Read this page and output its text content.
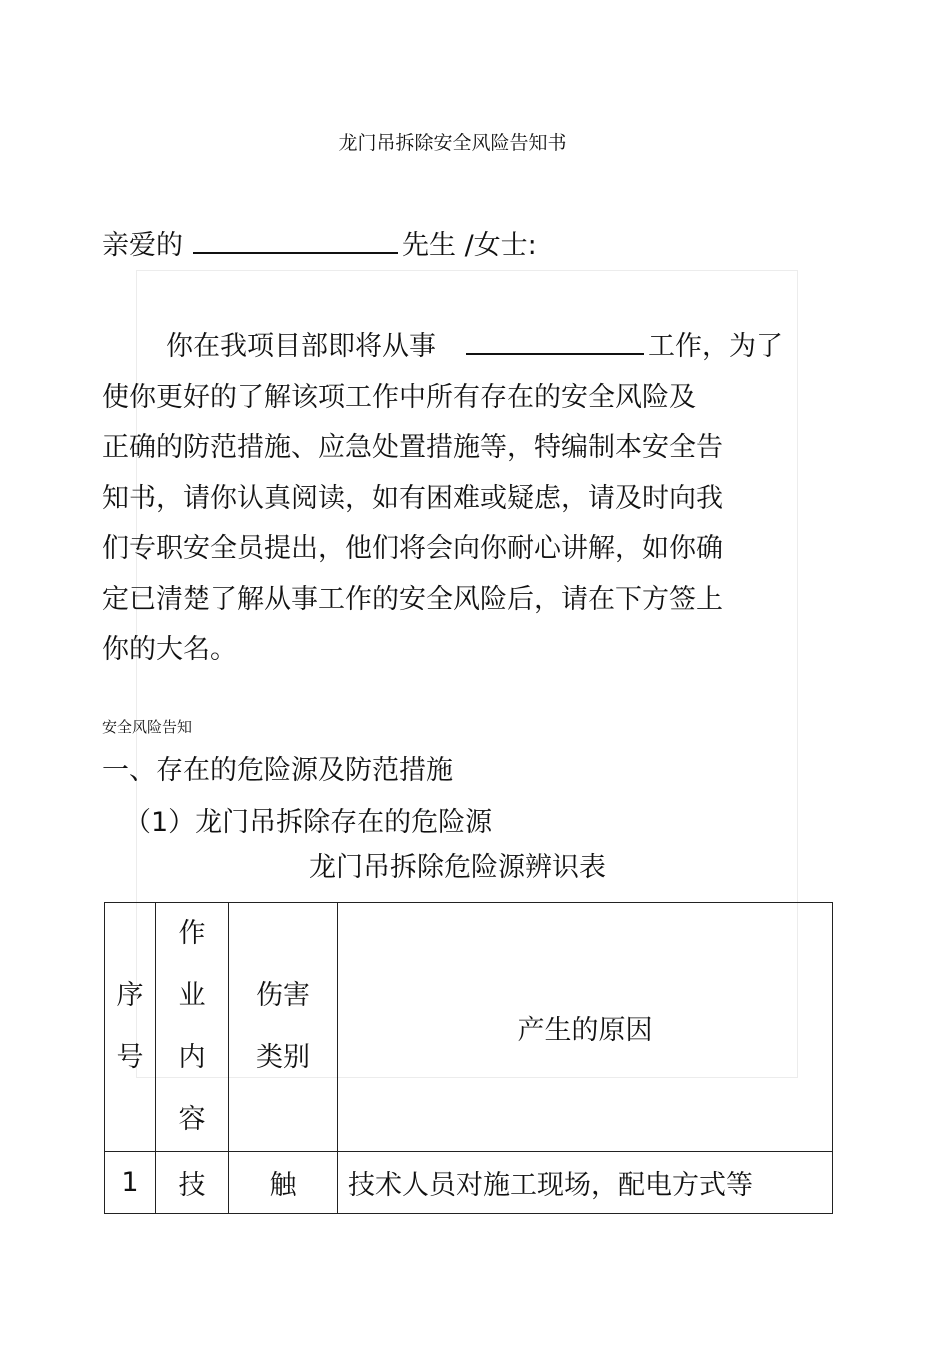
龙门吊拆除安全风险告知书
亲爱的	先生 /女士:
你在我项目部即将从事	工作，为了
使你更好的了解该项工作中所有存在的安全风险及
正确的防范措施、应急处置措施等，特编制本安全告
知书，请你认真阅读，如有困难或疑虑，请及时向我
们专职安全员提出，他们将会向你耐心讲解，如你确
定已清楚了解从事工作的安全风险后，请在下方签上
你的大名。
安全风险告知
一、存在的危险源及防范措施
（1）龙门吊拆除存在的危险源
龙门吊拆除危险源辨识表
序
号	作
业
内
容	伤害
类别	产生的原因
1	技	触	技术人员对施工现场，配电方式等
